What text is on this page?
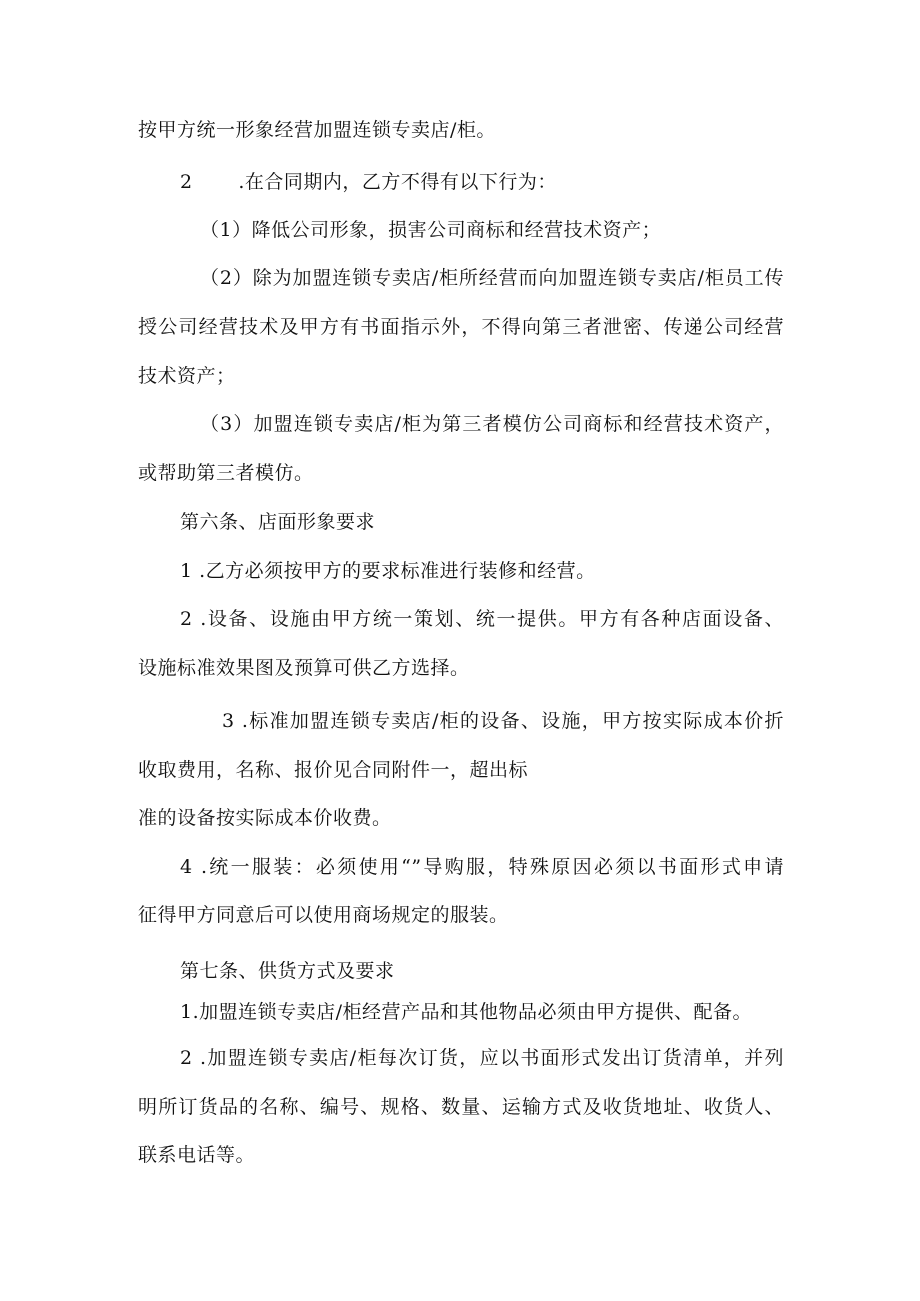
按甲方统一形象经营加盟连锁专卖店/柜。
2       .在合同期内，乙方不得有以下行为：
（1）降低公司形象，损害公司商标和经营技术资产；
（2）除为加盟连锁专卖店/柜所经营而向加盟连锁专卖店/柜员工传
授公司经营技术及甲方有书面指示外，不得向第三者泄密、传递公司经营
技术资产；
（3）加盟连锁专卖店/柜为第三者模仿公司商标和经营技术资产，
或帮助第三者模仿。
第六条、店面形象要求
1 .乙方必须按甲方的要求标准进行装修和经营。
2 .设备、设施由甲方统一策划、统一提供。甲方有各种店面设备、
设施标准效果图及预算可供乙方选择。
3 .标准加盟连锁专卖店/柜的设备、设施，甲方按实际成本价折
收取费用，名称、报价见合同附件一，超出标
准的设备按实际成本价收费。
4 .统一服装：必须使用“”导购服，特殊原因必须以书面形式申请
征得甲方同意后可以使用商场规定的服装。
第七条、供货方式及要求
1.加盟连锁专卖店/柜经营产品和其他物品必须由甲方提供、配备。
2 .加盟连锁专卖店/柜每次订货，应以书面形式发出订货清单，并列
明所订货品的名称、编号、规格、数量、运输方式及收货地址、收货人、
联系电话等。
